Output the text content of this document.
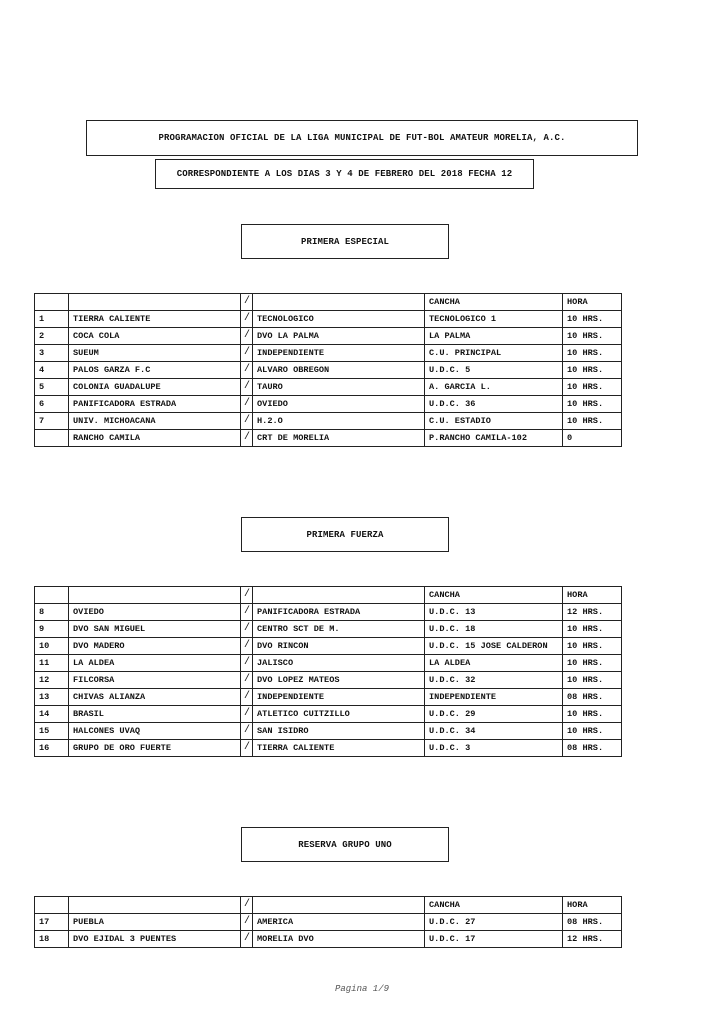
PROGRAMACION OFICIAL DE LA LIGA MUNICIPAL DE FUT-BOL AMATEUR MORELIA, A.C.
CORRESPONDIENTE A LOS DIAS 3 Y 4 DE FEBRERO DEL 2018 FECHA 12
PRIMERA ESPECIAL
		/		CANCHA	HORA
1	TIERRA CALIENTE	/	TECNOLOGICO	TECNOLOGICO 1	10 HRS.
2	COCA COLA	/	DVO LA PALMA	LA PALMA	10 HRS.
3	SUEUM	/	INDEPENDIENTE	C.U. PRINCIPAL	10 HRS.
4	PALOS GARZA F.C	/	ALVARO OBREGON	U.D.C. 5	10 HRS.
5	COLONIA GUADALUPE	/	TAURO	A. GARCIA L.	10 HRS.
6	PANIFICADORA ESTRADA	/	OVIEDO	U.D.C. 36	10 HRS.
7	UNIV. MICHOACANA	/	H.2.O	C.U. ESTADIO	10 HRS.
	RANCHO CAMILA	/	CRT DE MORELIA	P.RANCHO CAMILA-102	0
PRIMERA FUERZA
		/		CANCHA	HORA
8	OVIEDO	/	PANIFICADORA ESTRADA	U.D.C. 13	12 HRS.
9	DVO SAN MIGUEL	/	CENTRO SCT DE M.	U.D.C. 18	10 HRS.
10	DVO MADERO	/	DVO RINCON	U.D.C. 15 JOSE CALDERON	10 HRS.
11	LA ALDEA	/	JALISCO	LA ALDEA	10 HRS.
12	FILCORSA	/	DVO LOPEZ MATEOS	U.D.C. 32	10 HRS.
13	CHIVAS ALIANZA	/	INDEPENDIENTE	INDEPENDIENTE	08 HRS.
14	BRASIL	/	ATLETICO CUITZILLO	U.D.C. 29	10 HRS.
15	HALCONES UVAQ	/	SAN ISIDRO	U.D.C. 34	10 HRS.
16	GRUPO DE ORO FUERTE	/	TIERRA CALIENTE	U.D.C. 3	08 HRS.
RESERVA GRUPO UNO
		/		CANCHA	HORA
17	PUEBLA	/	AMERICA	U.D.C. 27	08 HRS.
18	DVO EJIDAL 3 PUENTES	/	MORELIA DVO	U.D.C. 17	12 HRS.
Pagina 1/9
